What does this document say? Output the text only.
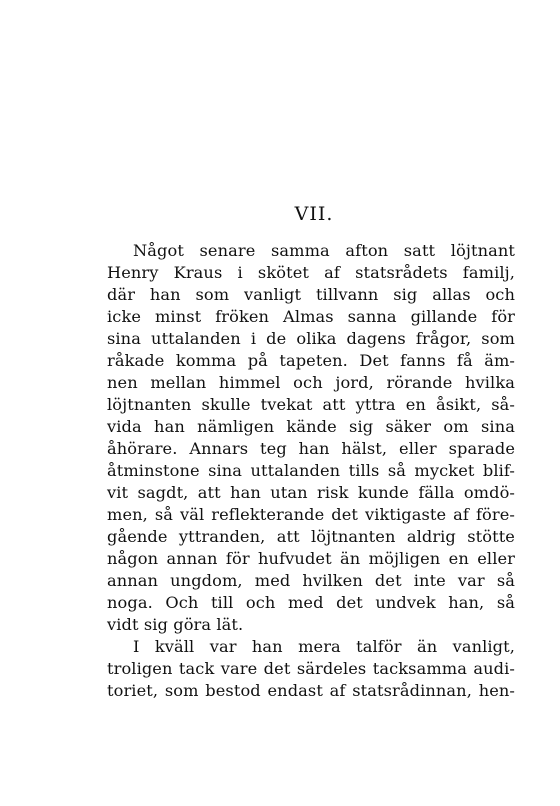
VII.
Något senare samma afton satt löjtnant
Henry Kraus i skötet af statsrådets familj,
där han som vanligt tillvann sig allas och
icke minst fröken Almas sanna gillande för
sina uttalanden i de olika dagens frågor, som
råkade komma på tapeten. Det fanns få äm-
nen mellan himmel och jord, rörande hvilka
löjtnanten skulle tvekat att yttra en åsikt, så-
vida han nämligen kände sig säker om sina
åhörare. Annars teg han hälst, eller sparade
åtminstone sina uttalanden tills så mycket blif-
vit sagdt, att han utan risk kunde fälla omdö-
men, så väl reflekterande det viktigaste af före-
gående yttranden, att löjtnanten aldrig stötte
någon annan för hufvudet än möjligen en eller
annan ungdom, med hvilken det inte var så
noga. Och till och med det undvek han, så
vidt sig göra lät.
I kväll var han mera talför än vanligt,
troligen tack vare det särdeles tacksamma audi-
toriet, som bestod endast af statsrådinnan, hen-
